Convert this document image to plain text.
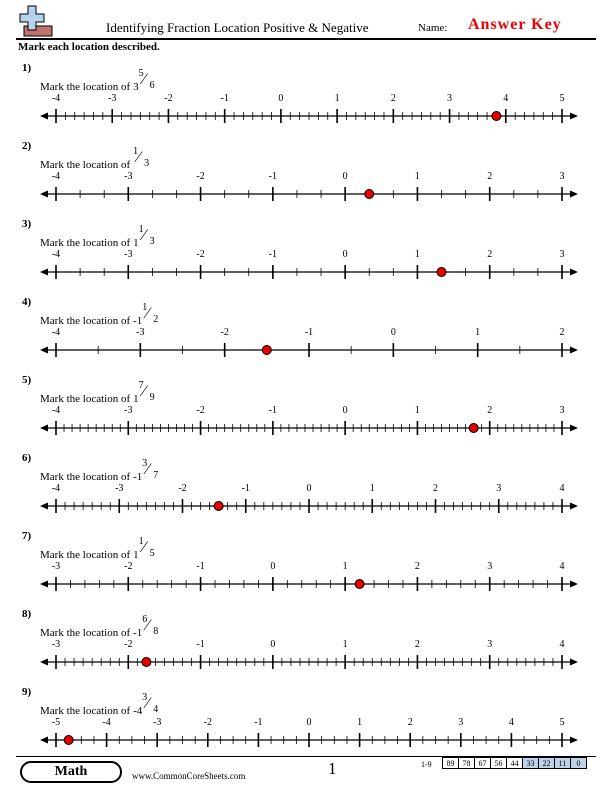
Identifying Fraction Location Positive & Negative	Name: Answer Key
Mark each location described.
1)
Mark the location of 3
5 ⁄ 6
-4	-3	-2	-1	0	1	2	3	4	5
2)
Mark the location of
1 ⁄ 3
-4	-3	-2	-1	0	1	2	3
3)
Mark the location of 1
1 ⁄ 3
-4	-3	-2	-1	0	1	2	3
4)
Mark the location of -1
1 ⁄ 2
-4	-3	-2	-1	0	1	2
5)
Mark the location of 1
7 ⁄ 9
-4	-3	-2	-1	0	1	2	3
6)
Mark the location of -1
3 ⁄ 7
-4	-3	-2	-1	0	1	2	3	4
7)
Mark the location of 1
1 ⁄ 5
-3	-2	-1	0	1	2	3	4
8)
Mark the location of -1
6 ⁄ 8
-3	-2	-1	0	1	2	3	4
9)
Mark the location of -4
3 ⁄ 4
-5	-4	-3	-2	-1	0	1	2	3	4	5
Math	www.CommonCoreSheets.com	1	1-9 89	78	67	56	44	33	22	11	0
